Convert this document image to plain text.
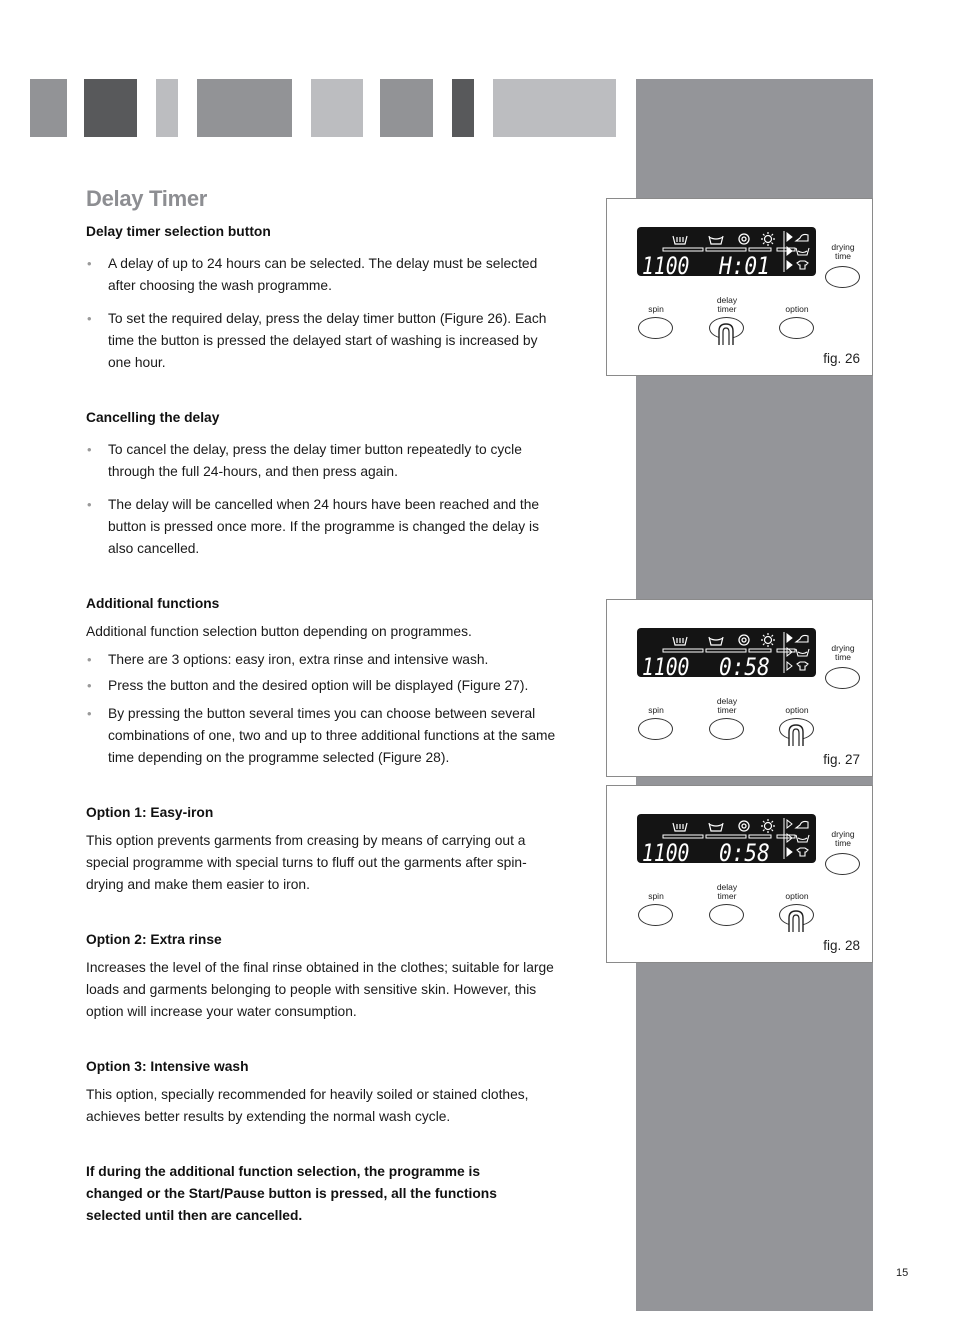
Delay Timer

Delay timer selection button

• A delay of up to 24 hours can be selected. The delay must be selected after choosing the wash programme.
• To set the required delay, press the delay timer button (Figure 26). Each time the button is pressed the delayed start of washing is increased by one hour.

Cancelling the delay

• To cancel the delay, press the delay timer button repeatedly to cycle through the full 24-hours, and then press again.
• The delay will be cancelled when 24 hours have been reached and the button is pressed once more. If the programme is changed the delay is also cancelled.

Additional functions

Additional function selection button depending on programmes.

• There are 3 options: easy iron, extra rinse and intensive wash.
• Press the button and the desired option will be displayed (Figure 27).
• By pressing the button several times you can choose between several combinations of one, two and up to three additional functions at the same time depending on the programme selected (Figure 28).

Option 1: Easy-iron

This option prevents garments from creasing by means of carrying out a special programme with special turns to fluff out the garments after spin-drying and make them easier to iron.

Option 2: Extra rinse

Increases the level of the final rinse obtained in the clothes; suitable for large loads and garments belonging to people with sensitive skin. However, this option will increase your water consumption.

Option 3: Intensive wash

This option, specially recommended for heavily soiled or stained clothes, achieves better results by extending the normal wash cycle.

If during the additional function selection, the programme is changed or the Start/Pause button is pressed, all the functions selected until then are cancelled.

1100 H:01
drying
time
delay
timer
spin	option
fig. 26
1100 0:58
drying
time
delay
timer
spin	option
fig. 27
1100 0:58
drying
time
delay
timer
spin	option
fig. 28
15
